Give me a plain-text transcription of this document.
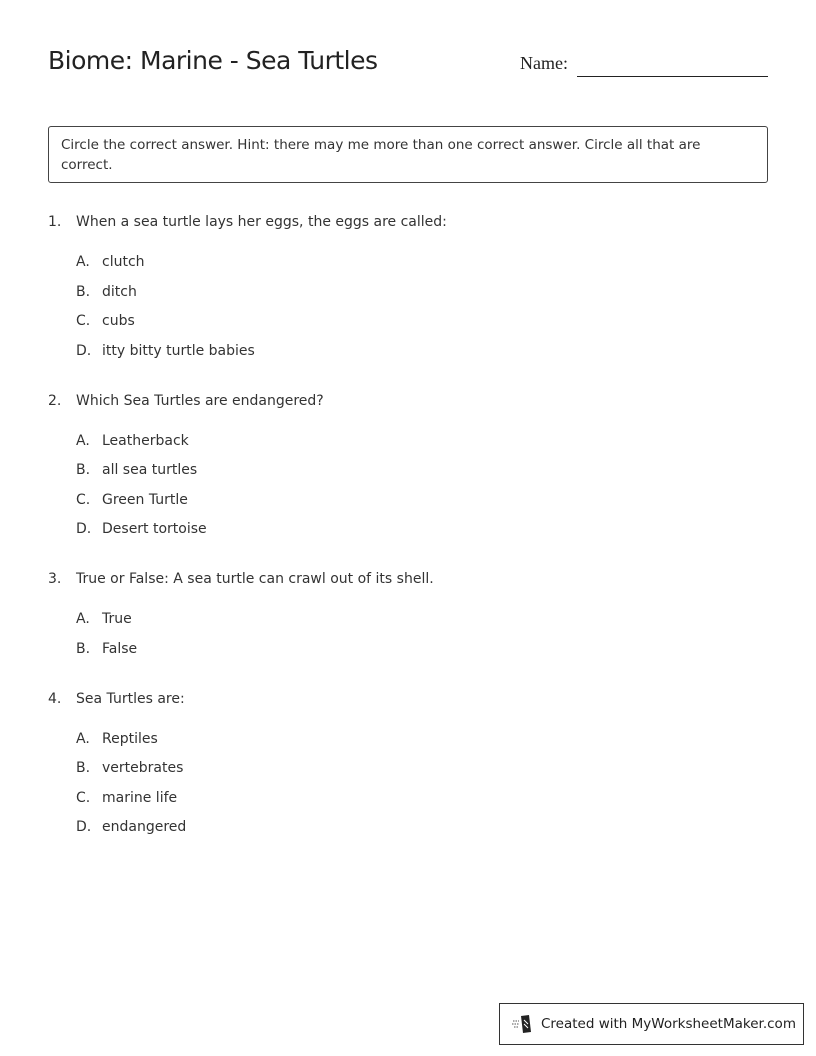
Biome: Marine - Sea Turtles	Name:
Circle the correct answer. Hint: there may me more than one correct answer. Circle all that are correct.
1.	When a sea turtle lays her eggs, the eggs are called:
A. clutch
B. ditch
C. cubs
D. itty bitty turtle babies
2.	Which Sea Turtles are endangered?
A. Leatherback
B. all sea turtles
C. Green Turtle
D. Desert tortoise
3.	True or False: A sea turtle can crawl out of its shell.
A. True
B. False
4.	Sea Turtles are:
A. Reptiles
B. vertebrates
C. marine life
D. endangered
Created with MyWorksheetMaker.com
